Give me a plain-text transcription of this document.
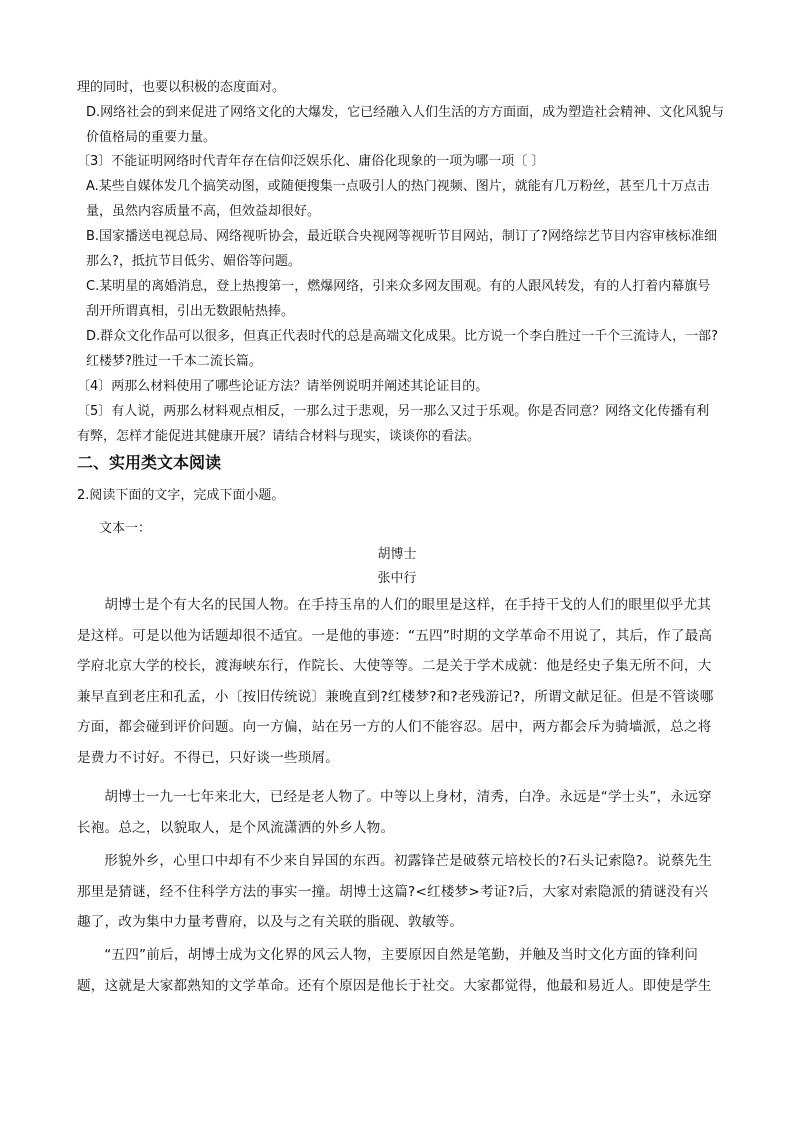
理的同时，也要以积极的态度面对。

D.网络社会的到来促进了网络文化的大爆发，它已经融入人们生活的方方面面，成为塑造社会精神、文化风貌与价值格局的重要力量。

〔3〕不能证明网络时代青年存在信仰泛娱乐化、庸俗化现象的一项为哪一项〔 〕

A.某些自媒体发几个搞笑动图，或随便搜集一点吸引人的热门视频、图片，就能有几万粉丝，甚至几十万点击量，虽然内容质量不高，但效益却很好。

B.国家播送电视总局、网络视听协会，最近联合央视网等视听节目网站，制订了?网络综艺节目内容审核标准细那么?，抵抗节目低劣、媚俗等问题。

C.某明星的离婚消息，登上热搜第一，燃爆网络，引来众多网友围观。有的人跟风转发，有的人打着内幕旗号刮开所谓真相，引出无数跟帖热捧。

D.群众文化作品可以很多，但真正代表时代的总是高端文化成果。比方说一个李白胜过一千个三流诗人，一部?红楼梦?胜过一千本二流长篇。

〔4〕两那么材料使用了哪些论证方法？请举例说明并阐述其论证目的。

〔5〕有人说，两那么材料观点相反，一那么过于悲观，另一那么又过于乐观。你是否同意？网络文化传播有利有弊，怎样才能促进其健康开展？请结合材料与现实，谈谈你的看法。

二、实用类文本阅读

2.阅读下面的文字，完成下面小题。

文本一：

胡博士

张中行

胡博士是个有大名的民国人物。在手持玉帛的人们的眼里是这样，在手持干戈的人们的眼里似乎尤其是这样。可是以他为话题却很不适宜。一是他的事迹：“五四”时期的文学革命不用说了，其后，作了最高学府北京大学的校长，渡海峡东行，作院长、大使等等。二是关于学术成就：他是经史子集无所不问，大兼早直到老庄和孔孟，小〔按旧传统说〕兼晚直到?红楼梦?和?老残游记?，所谓文献足征。但是不管谈哪方面，都会碰到评价问题。向一方偏，站在另一方的人们不能容忍。居中，两方都会斥为骑墙派，总之将是费力不讨好。不得已，只好谈一些琐屑。

胡博士一九一七年来北大，已经是老人物了。中等以上身材，清秀，白净。永远是“学士头”，永远穿长袍。总之，以貌取人，是个风流潇洒的外乡人物。

形貌外乡，心里口中却有不少来自异国的东西。初露锋芒是破蔡元培校长的?石头记索隐?。说蔡先生那里是猜谜，经不住科学方法的事实一撞。胡博士这篇?<红楼梦>考证?后，大家对索隐派的猜谜没有兴趣了，改为集中力量考曹府，以及与之有关联的脂砚、敦敏等。

“五四”前后，胡博士成为文化界的风云人物，主要原因自然是笔勤，并触及当时文化方面的锋利问题，这就是大家都熟知的文学革命。还有个原因是他长于社交。大家都觉得，他最和易近人。即使是学生
